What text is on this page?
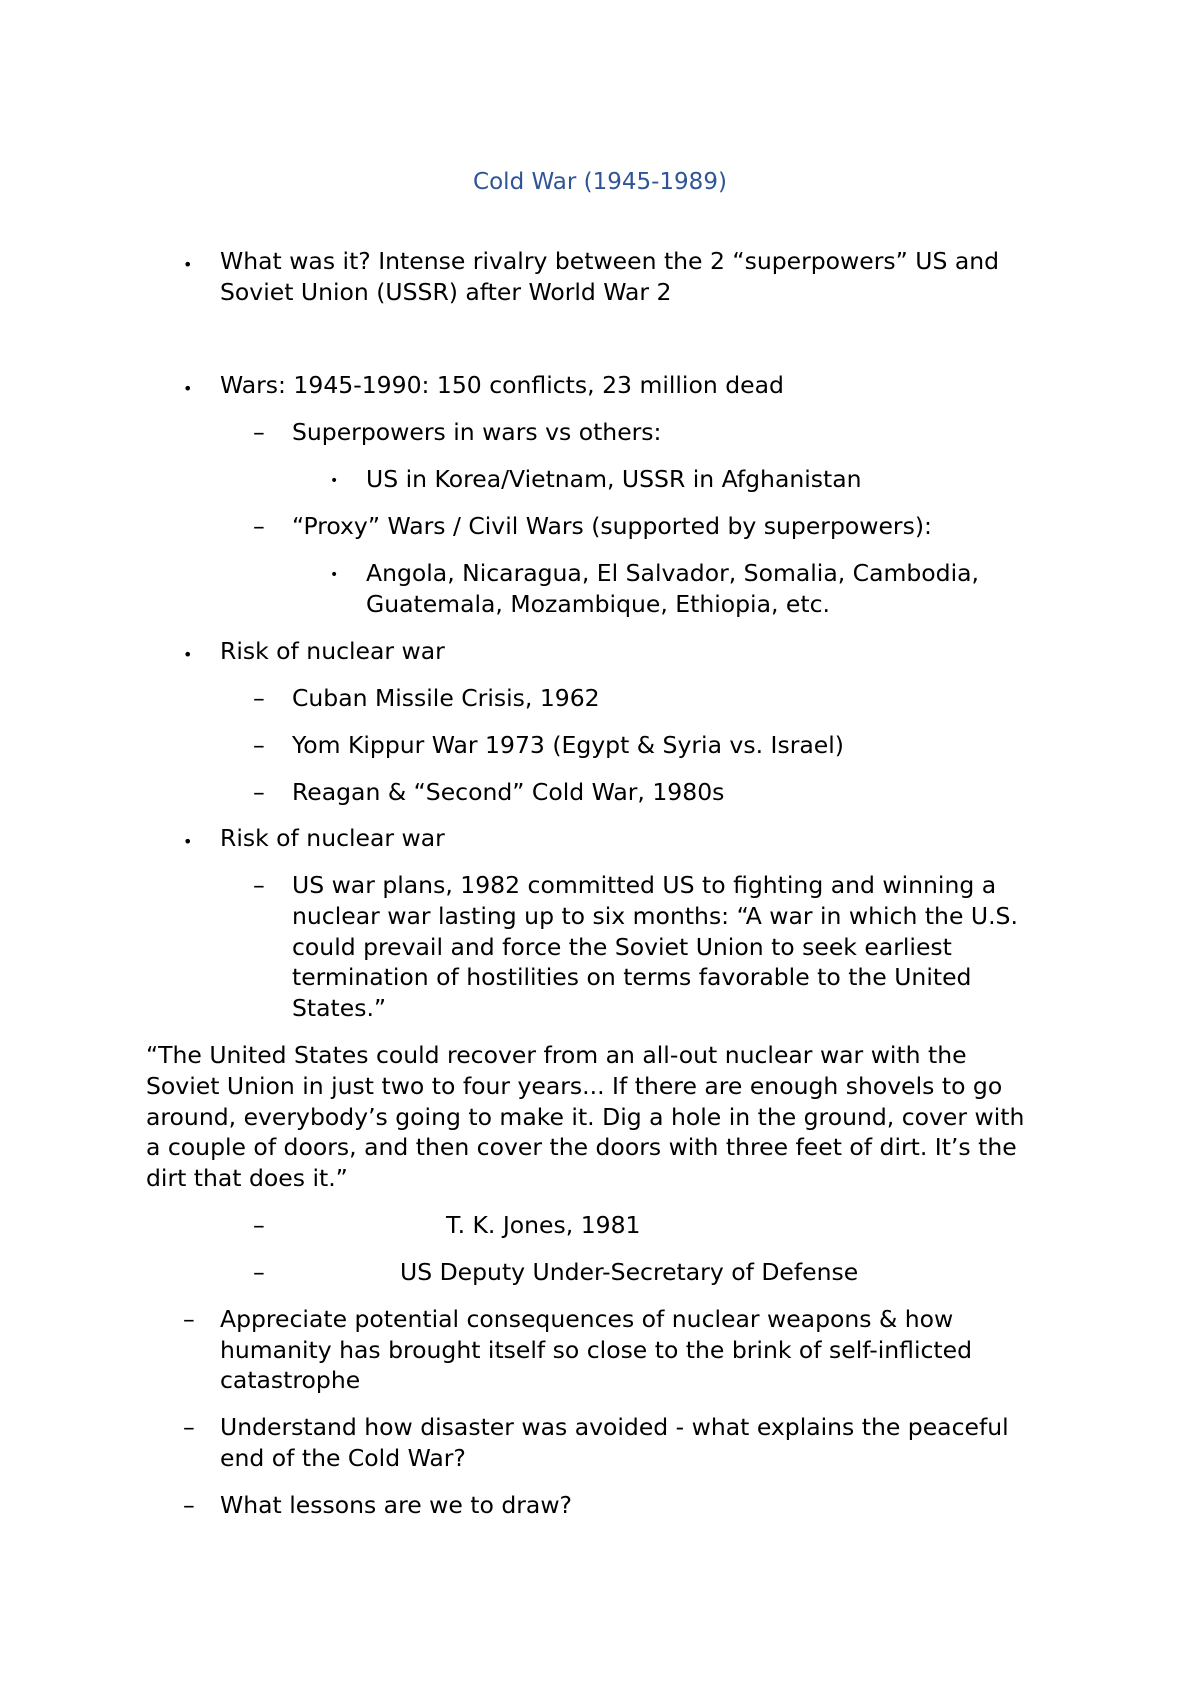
Cold War (1945-1989)
• What was it? Intense rivalry between the 2 “superpowers” US and
Soviet Union (USSR) after World War 2
• Wars: 1945-1990: 150 conflicts, 23 million dead
– Superpowers in wars vs others:
• US in Korea/Vietnam, USSR in Afghanistan
– “Proxy” Wars / Civil Wars (supported by superpowers):
• Angola, Nicaragua, El Salvador, Somalia, Cambodia,
Guatemala, Mozambique, Ethiopia, etc.
• Risk of nuclear war
– Cuban Missile Crisis, 1962
– Yom Kippur War 1973 (Egypt & Syria vs. Israel)
– Reagan & “Second” Cold War, 1980s
• Risk of nuclear war
– US war plans, 1982 committed US to fighting and winning a
nuclear war lasting up to six months: “A war in which the U.S.
could prevail and force the Soviet Union to seek earliest
termination of hostilities on terms favorable to the United
States.”
“The United States could recover from an all-out nuclear war with the
Soviet Union in just two to four years... If there are enough shovels to go
around, everybody’s going to make it. Dig a hole in the ground, cover with
a couple of doors, and then cover the doors with three feet of dirt. It’s the
dirt that does it.”
–	T. K. Jones, 1981
–	US Deputy Under-Secretary of Defense
– Appreciate potential consequences of nuclear weapons & how
humanity has brought itself so close to the brink of self-inflicted
catastrophe
– Understand how disaster was avoided - what explains the peaceful
end of the Cold War?
– What lessons are we to draw?
